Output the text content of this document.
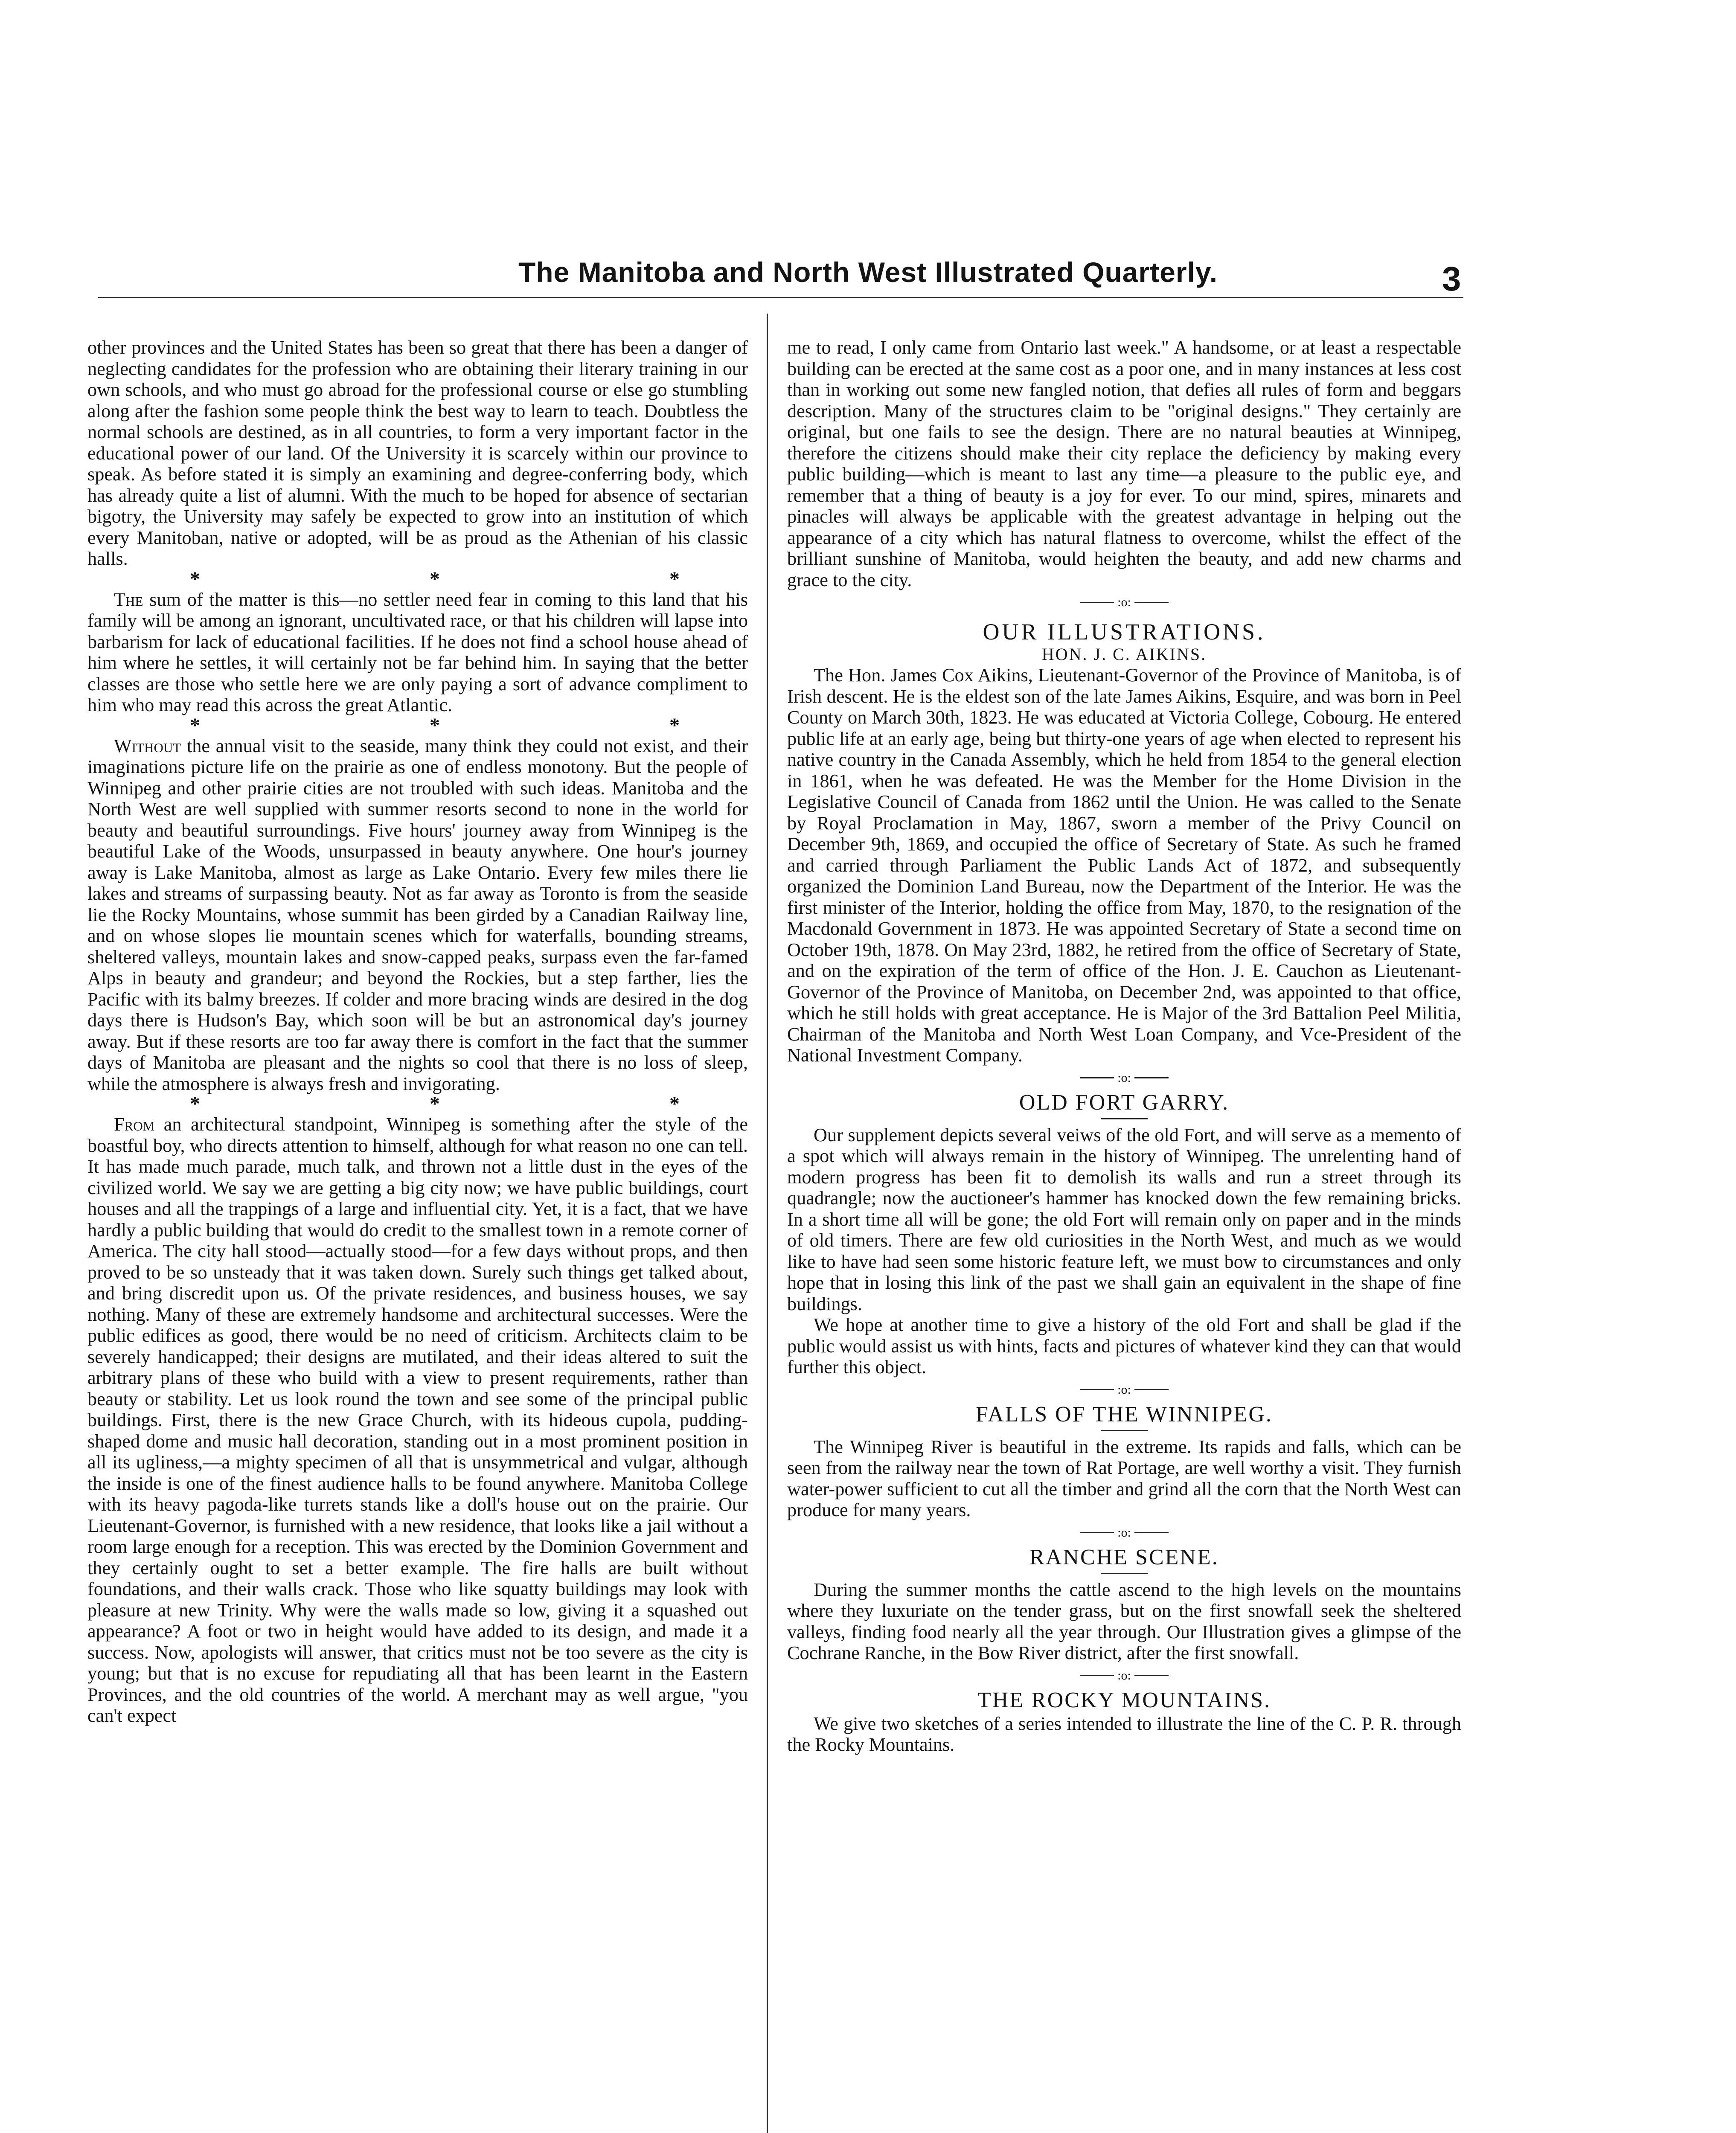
The Manitoba and North West Illustrated Quarterly.	3

other provinces and the United States has been so great that there has been a danger of neglecting candidates for the profession who are obtaining their literary training in our own schools, and who must go abroad for the professional course or else go stumbling along after the fashion some people think the best way to learn to teach. Doubtless the normal schools are destined, as in all countries, to form a very important factor in the educational power of our land. Of the University it is scarcely within our province to speak. As before stated it is simply an examining and degree-conferring body, which has already quite a list of alumni. With the much to be hoped for absence of sectarian bigotry, the University may safely be expected to grow into an institution of which every Manitoban, native or adopted, will be as proud as the Athenian of his classic halls.

*	*	*

The sum of the matter is this—no settler need fear in coming to this land that his family will be among an ignorant, uncultivated race, or that his children will lapse into barbarism for lack of educational facilities. If he does not find a school house ahead of him where he settles, it will certainly not be far behind him. In saying that the better classes are those who settle here we are only paying a sort of advance compliment to him who may read this across the great Atlantic.

*	*	*

Without the annual visit to the seaside, many think they could not exist, and their imaginations picture life on the prairie as one of endless monotony. But the people of Winnipeg and other prairie cities are not troubled with such ideas. Manitoba and the North West are well supplied with summer resorts second to none in the world for beauty and beautiful surroundings. Five hours' journey away from Winnipeg is the beautiful Lake of the Woods, unsurpassed in beauty anywhere. One hour's journey away is Lake Manitoba, almost as large as Lake Ontario. Every few miles there lie lakes and streams of surpassing beauty. Not as far away as Toronto is from the seaside lie the Rocky Mountains, whose summit has been girded by a Canadian Railway line, and on whose slopes lie mountain scenes which for waterfalls, bounding streams, sheltered valleys, mountain lakes and snow-capped peaks, surpass even the far-famed Alps in beauty and grandeur; and beyond the Rockies, but a step farther, lies the Pacific with its balmy breezes. If colder and more bracing winds are desired in the dog days there is Hudson's Bay, which soon will be but an astronomical day's journey away. But if these resorts are too far away there is comfort in the fact that the summer days of Manitoba are pleasant and the nights so cool that there is no loss of sleep, while the atmosphere is always fresh and invigorating.

*	*	*

From an architectural standpoint, Winnipeg is something after the style of the boastful boy, who directs attention to himself, although for what reason no one can tell. It has made much parade, much talk, and thrown not a little dust in the eyes of the civilized world. We say we are getting a big city now; we have public buildings, court houses and all the trappings of a large and influential city. Yet, it is a fact, that we have hardly a public building that would do credit to the smallest town in a remote corner of America. The city hall stood—actually stood—for a few days without props, and then proved to be so unsteady that it was taken down. Surely such things get talked about, and bring discredit upon us. Of the private residences, and business houses, we say nothing. Many of these are extremely handsome and architectural successes. Were the public edifices as good, there would be no need of criticism. Architects claim to be severely handicapped; their designs are mutilated, and their ideas altered to suit the arbitrary plans of these who build with a view to present requirements, rather than beauty or stability. Let us look round the town and see some of the principal public buildings. First, there is the new Grace Church, with its hideous cupola, pudding-shaped dome and music hall decoration, standing out in a most prominent position in all its ugliness,—a mighty specimen of all that is unsymmetrical and vulgar, although the inside is one of the finest audience halls to be found anywhere. Manitoba College with its heavy pagoda-like turrets stands like a doll's house out on the prairie. Our Lieutenant-Governor, is furnished with a new residence, that looks like a jail without a room large enough for a reception. This was erected by the Dominion Government and they certainly ought to set a better example. The fire halls are built without foundations, and their walls crack. Those who like squatty buildings may look with pleasure at new Trinity. Why were the walls made so low, giving it a squashed out appearance? A foot or two in height would have added to its design, and made it a success. Now, apologists will answer, that critics must not be too severe as the city is young; but that is no excuse for repudiating all that has been learnt in the Eastern Provinces, and the old countries of the world. A merchant may as well argue, "you can't expect

me to read, I only came from Ontario last week." A handsome, or at least a respectable building can be erected at the same cost as a poor one, and in many instances at less cost than in working out some new fangled notion, that defies all rules of form and beggars description. Many of the structures claim to be "original designs." They certainly are original, but one fails to see the design. There are no natural beauties at Winnipeg, therefore the citizens should make their city replace the deficiency by making every public building—which is meant to last any time—a pleasure to the public eye, and remember that a thing of beauty is a joy for ever. To our mind, spires, minarets and pinacles will always be applicable with the greatest advantage in helping out the appearance of a city which has natural flatness to overcome, whilst the effect of the brilliant sunshine of Manitoba, would heighten the beauty, and add new charms and grace to the city.

:o:
OUR ILLUSTRATIONS.
HON. J. C. AIKINS.

The Hon. James Cox Aikins, Lieutenant-Governor of the Province of Manitoba, is of Irish descent. He is the eldest son of the late James Aikins, Esquire, and was born in Peel County on March 30th, 1823. He was educated at Victoria College, Cobourg. He entered public life at an early age, being but thirty-one years of age when elected to represent his native country in the Canada Assembly, which he held from 1854 to the general election in 1861, when he was defeated. He was the Member for the Home Division in the Legislative Council of Canada from 1862 until the Union. He was called to the Senate by Royal Proclamation in May, 1867, sworn a member of the Privy Council on December 9th, 1869, and occupied the office of Secretary of State. As such he framed and carried through Parliament the Public Lands Act of 1872, and subsequently organized the Dominion Land Bureau, now the Department of the Interior. He was the first minister of the Interior, holding the office from May, 1870, to the resignation of the Macdonald Government in 1873. He was appointed Secretary of State a second time on October 19th, 1878. On May 23rd, 1882, he retired from the office of Secretary of State, and on the expiration of the term of office of the Hon. J. E. Cauchon as Lieutenant-Governor of the Province of Manitoba, on December 2nd, was appointed to that office, which he still holds with great acceptance. He is Major of the 3rd Battalion Peel Militia, Chairman of the Manitoba and North West Loan Company, and Vce-President of the National Investment Company.

:o:
OLD FORT GARRY.

Our supplement depicts several veiws of the old Fort, and will serve as a memento of a spot which will always remain in the history of Winnipeg. The unrelenting hand of modern progress has been fit to demolish its walls and run a street through its quadrangle; now the auctioneer's hammer has knocked down the few remaining bricks. In a short time all will be gone; the old Fort will remain only on paper and in the minds of old timers. There are few old curiosities in the North West, and much as we would like to have had seen some historic feature left, we must bow to circumstances and only hope that in losing this link of the past we shall gain an equivalent in the shape of fine buildings.

We hope at another time to give a history of the old Fort and shall be glad if the public would assist us with hints, facts and pictures of whatever kind they can that would further this object.

:o:
FALLS OF THE WINNIPEG.

The Winnipeg River is beautiful in the extreme. Its rapids and falls, which can be seen from the railway near the town of Rat Portage, are well worthy a visit. They furnish water-power sufficient to cut all the timber and grind all the corn that the North West can produce for many years.

:o:
RANCHE SCENE.

During the summer months the cattle ascend to the high levels on the mountains where they luxuriate on the tender grass, but on the first snowfall seek the sheltered valleys, finding food nearly all the year through. Our Illustration gives a glimpse of the Cochrane Ranche, in the Bow River district, after the first snowfall.

:o:
THE ROCKY MOUNTAINS.

We give two sketches of a series intended to illustrate the line of the C. P. R. through the Rocky Mountains.
